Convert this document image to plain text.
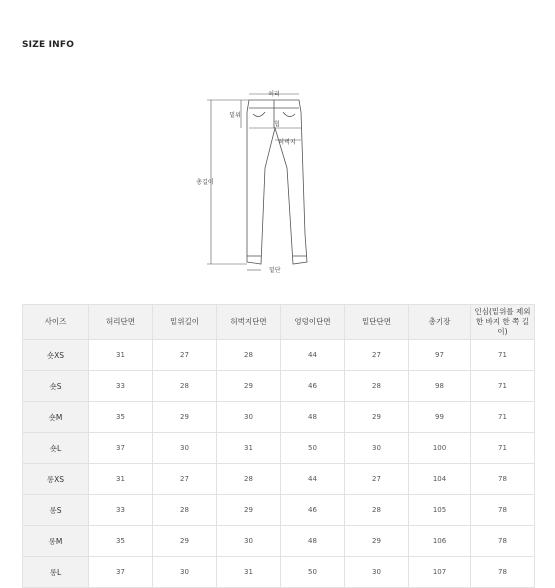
SIZE INFO
허리
밑위
힙
허벅지
총길이
밑단
사이즈	허리단면	밑위길이	허벅지단면	엉덩이단면	밑단단면	총기장	인심(밑위를 제외한 바지 한 쪽 길이)
숏XS	31	27	28	44	27	97	71
숏S	33	28	29	46	28	98	71
숏M	35	29	30	48	29	99	71
숏L	37	30	31	50	30	100	71
롱XS	31	27	28	44	27	104	78
롱S	33	28	29	46	28	105	78
롱M	35	29	30	48	29	106	78
롱L	37	30	31	50	30	107	78
